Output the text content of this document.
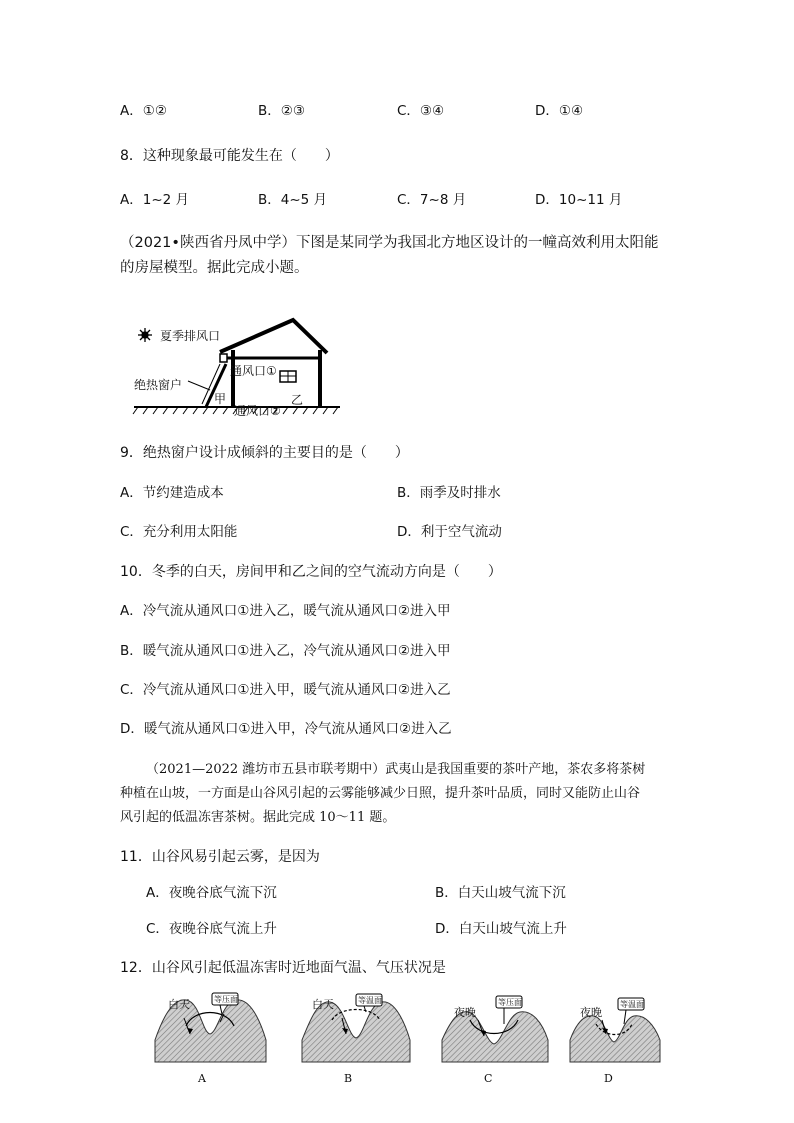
A．①②	B．②③	C．③④	D．①④
8．这种现象最可能发生在（　　）
A．1~2 月	B．4~5 月	C．7~8 月	D．10~11 月
（2021•陕西省丹凤中学）下图是某同学为我国北方地区设计的一幢高效利用太阳能
的房屋模型。据此完成小题。
夏季排风口
绝热窗户
通风口①
通风口②
甲	乙
9．绝热窗户设计成倾斜的主要目的是（　　）
A．节约建造成本	B．雨季及时排水
C．充分利用太阳能	D．利于空气流动
10．冬季的白天，房间甲和乙之间的空气流动方向是（　　）
A．冷气流从通风口①进入乙，暖气流从通风口②进入甲
B．暖气流从通风口①进入乙，冷气流从通风口②进入甲
C．冷气流从通风口①进入甲，暖气流从通风口②进入乙
D．暖气流从通风口①进入甲，冷气流从通风口②进入乙
（2021—2022 潍坊市五县市联考期中）武夷山是我国重要的茶叶产地，茶农多将茶树
种植在山坡，一方面是山谷风引起的云雾能够减少日照，提升茶叶品质，同时又能防止山谷
风引起的低温冻害茶树。据此完成 10～11 题。
11．山谷风易引起云雾，是因为
A．夜晚谷底气流下沉	B．白天山坡气流下沉
C．夜晚谷底气流上升	D．白天山坡气流上升
12．山谷风引起低温冻害时近地面气温、气压状况是
白天	等压面
A
白天	等温面
B
夜晚
等压面
C
夜晚
等温面
D
